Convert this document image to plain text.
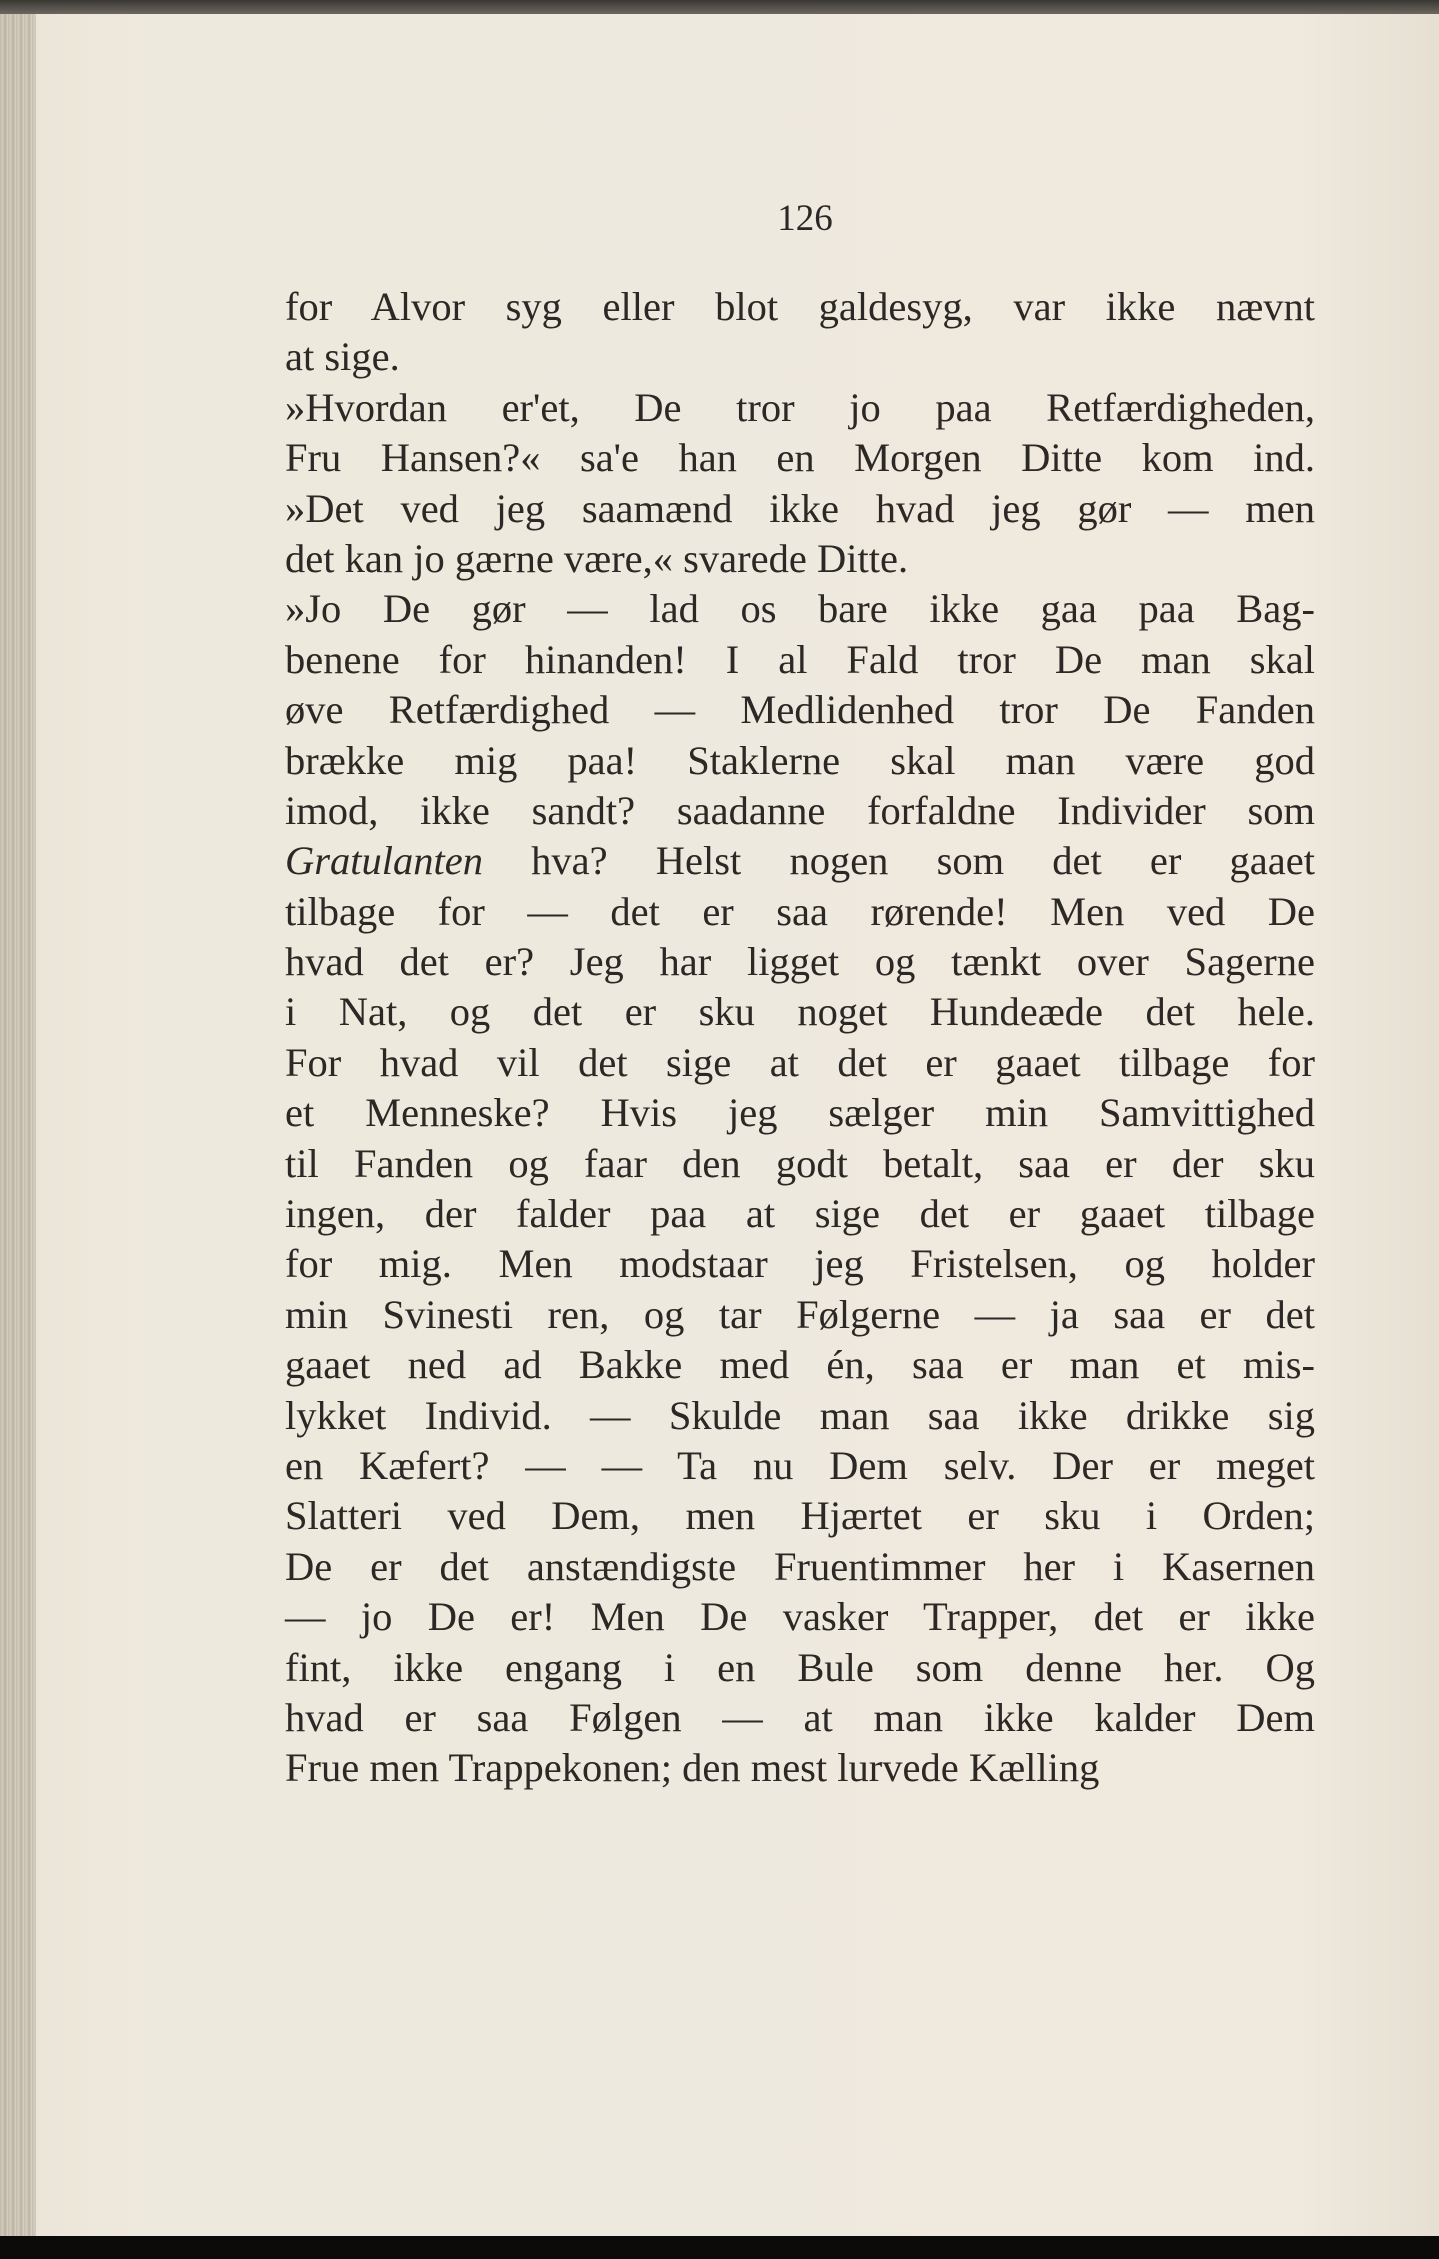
126
for Alvor syg eller blot galdesyg, var ikke nævnt
at sige.
»Hvordan er'et, De tror jo paa Retfærdigheden,
Fru Hansen?« sa'e han en Morgen Ditte kom ind.
»Det ved jeg saamænd ikke hvad jeg gør — men
det kan jo gærne være,« svarede Ditte.
»Jo De gør — lad os bare ikke gaa paa Bag-
benene for hinanden! I al Fald tror De man skal
øve Retfærdighed — Medlidenhed tror De Fanden
brække mig paa! Staklerne skal man være god
imod, ikke sandt? saadanne forfaldne Individer som
Gratulanten hva? Helst nogen som det er gaaet
tilbage for — det er saa rørende! Men ved De
hvad det er? Jeg har ligget og tænkt over Sagerne
i Nat, og det er sku noget Hundeæde det hele.
For hvad vil det sige at det er gaaet tilbage for
et Menneske? Hvis jeg sælger min Samvittighed
til Fanden og faar den godt betalt, saa er der sku
ingen, der falder paa at sige det er gaaet tilbage
for mig. Men modstaar jeg Fristelsen, og holder
min Svinesti ren, og tar Følgerne — ja saa er det
gaaet ned ad Bakke med én, saa er man et mis-
lykket Individ. — Skulde man saa ikke drikke sig
en Kæfert? — — Ta nu Dem selv. Der er meget
Slatteri ved Dem, men Hjærtet er sku i Orden;
De er det anstændigste Fruentimmer her i Kasernen
— jo De er! Men De vasker Trapper, det er ikke
fint, ikke engang i en Bule som denne her. Og
hvad er saa Følgen — at man ikke kalder Dem
Frue men Trappekonen; den mest lurvede Kælling
